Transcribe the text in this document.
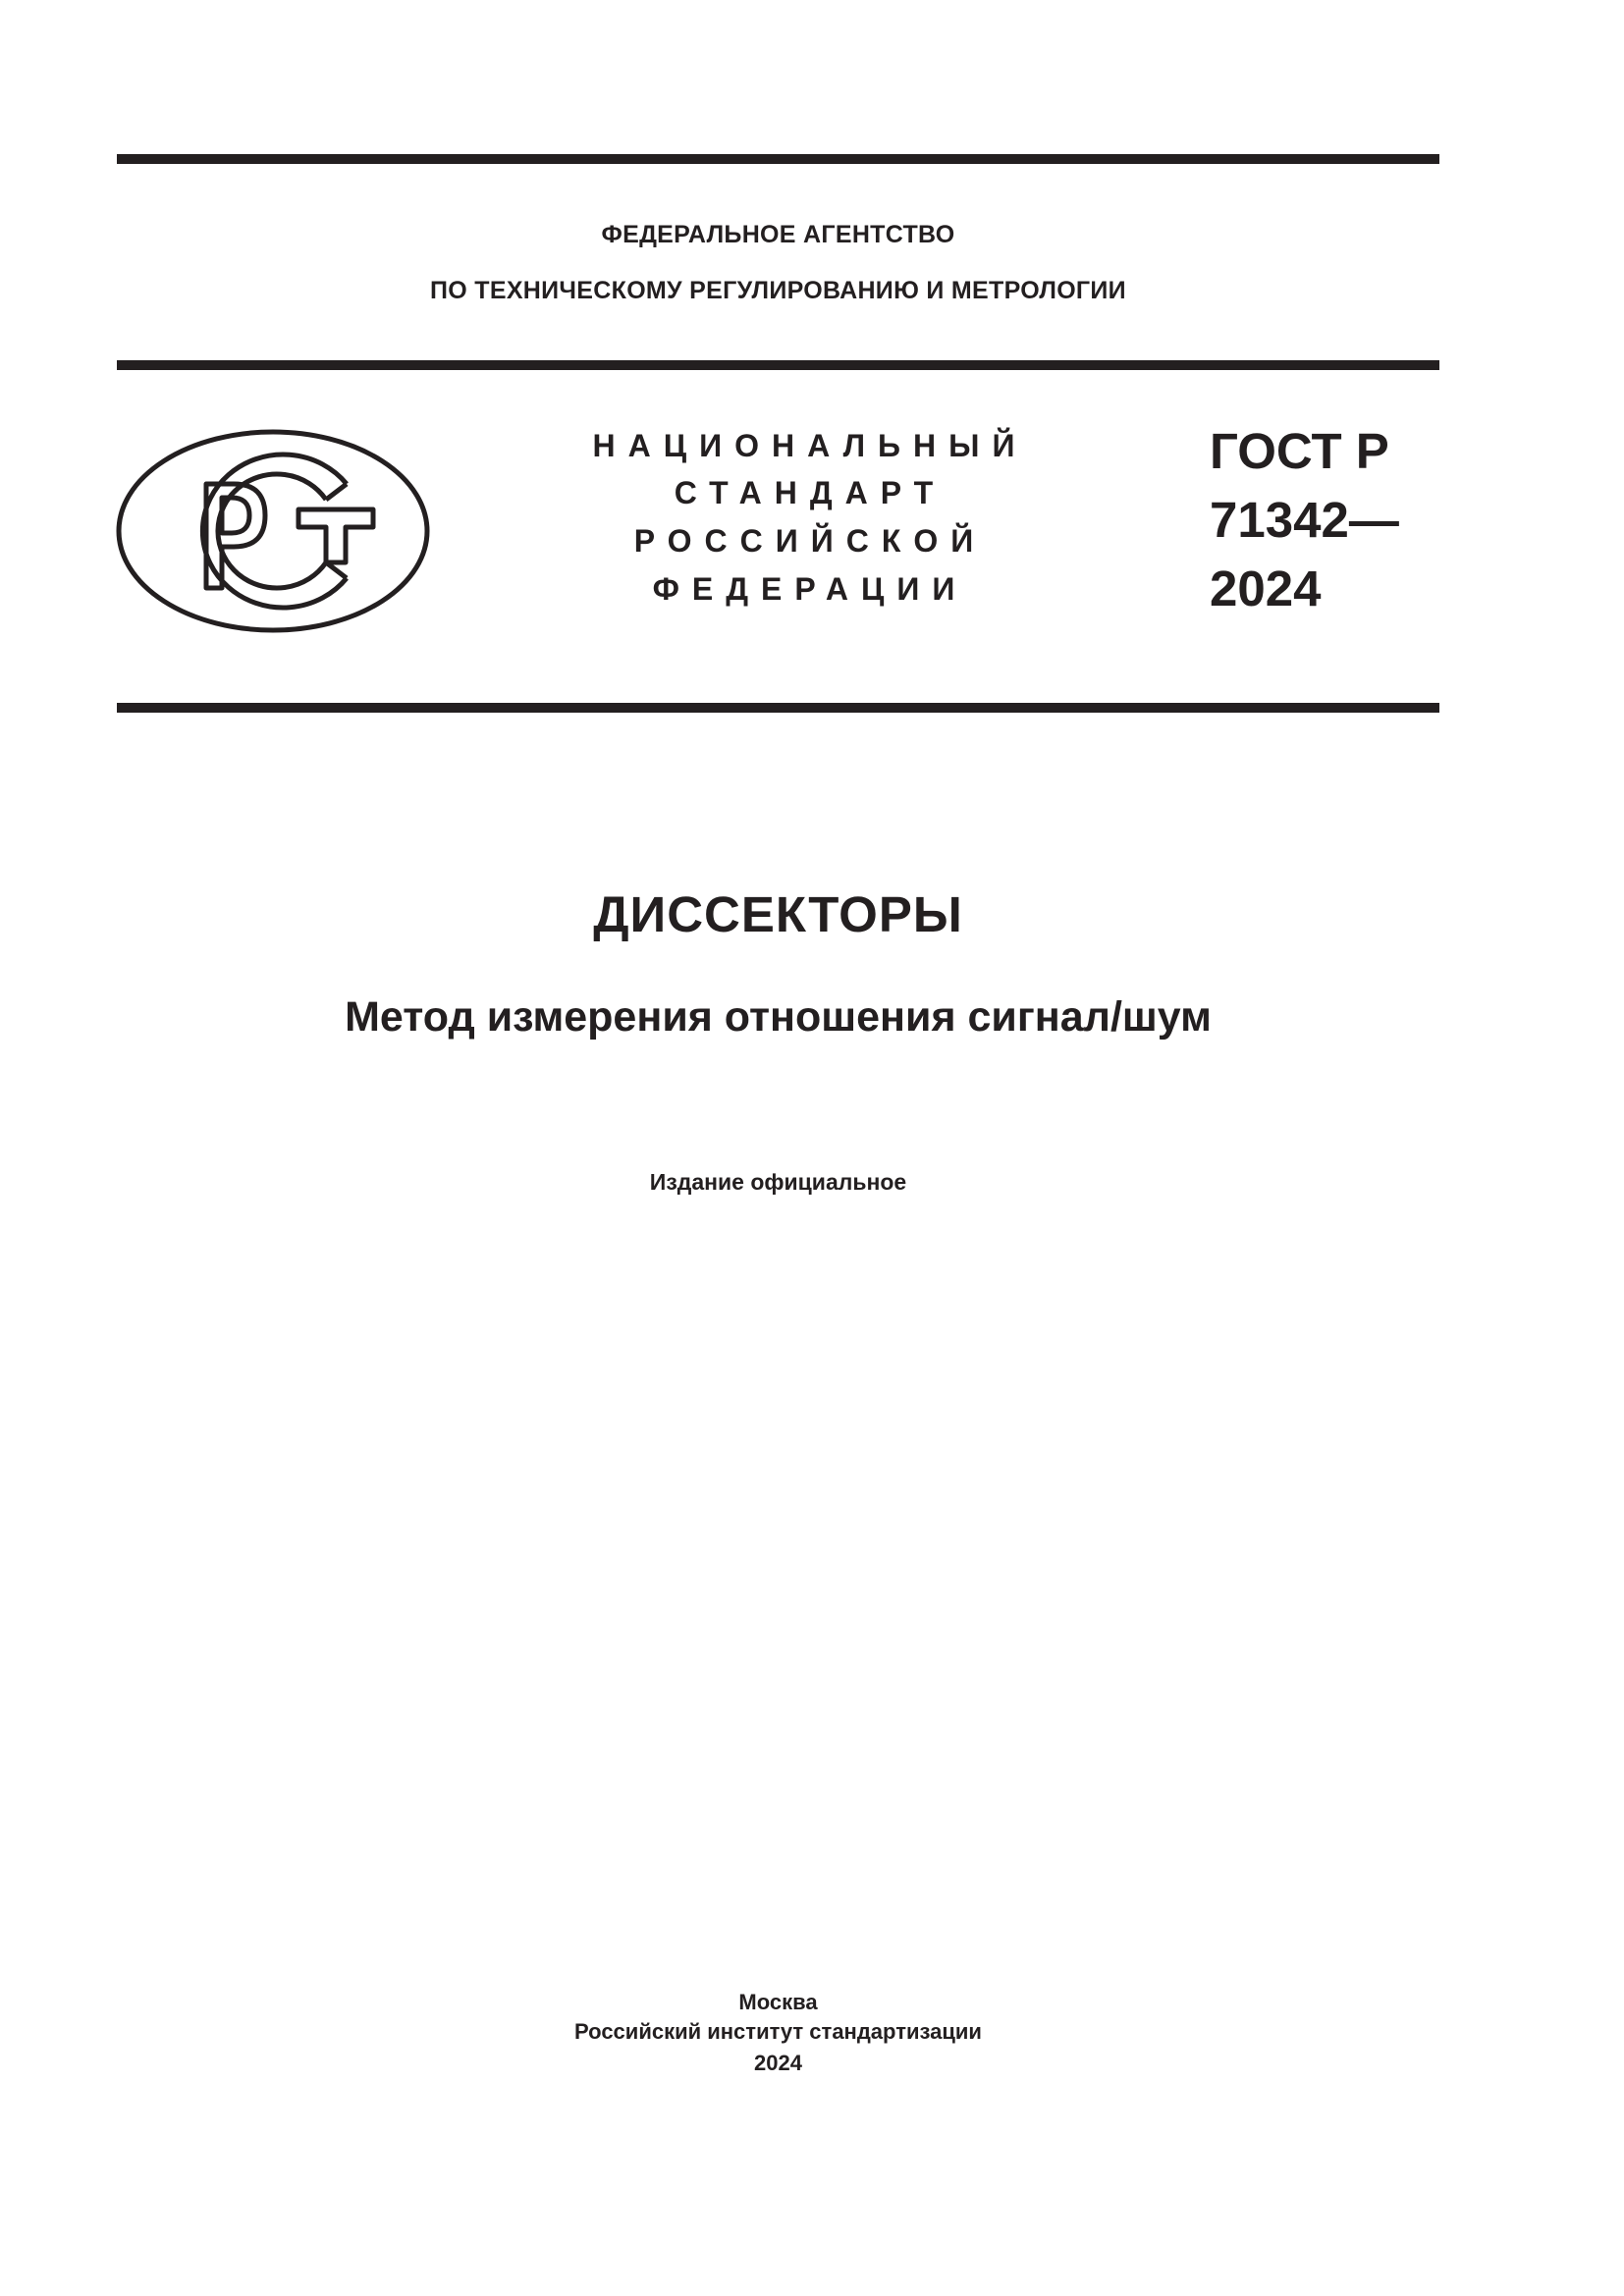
ФЕДЕРАЛЬНОЕ АГЕНТСТВО
ПО ТЕХНИЧЕСКОМУ РЕГУЛИРОВАНИЮ И МЕТРОЛОГИИ
НАЦИОНАЛЬНЫЙ
СТАНДАРТ
РОССИЙСКОЙ
ФЕДЕРАЦИИ
ГОСТ Р
71342—
2024
ДИССЕКТОРЫ
Метод измерения отношения сигнал/шум
Издание официальное
Москва
Российский институт стандартизации
2024
